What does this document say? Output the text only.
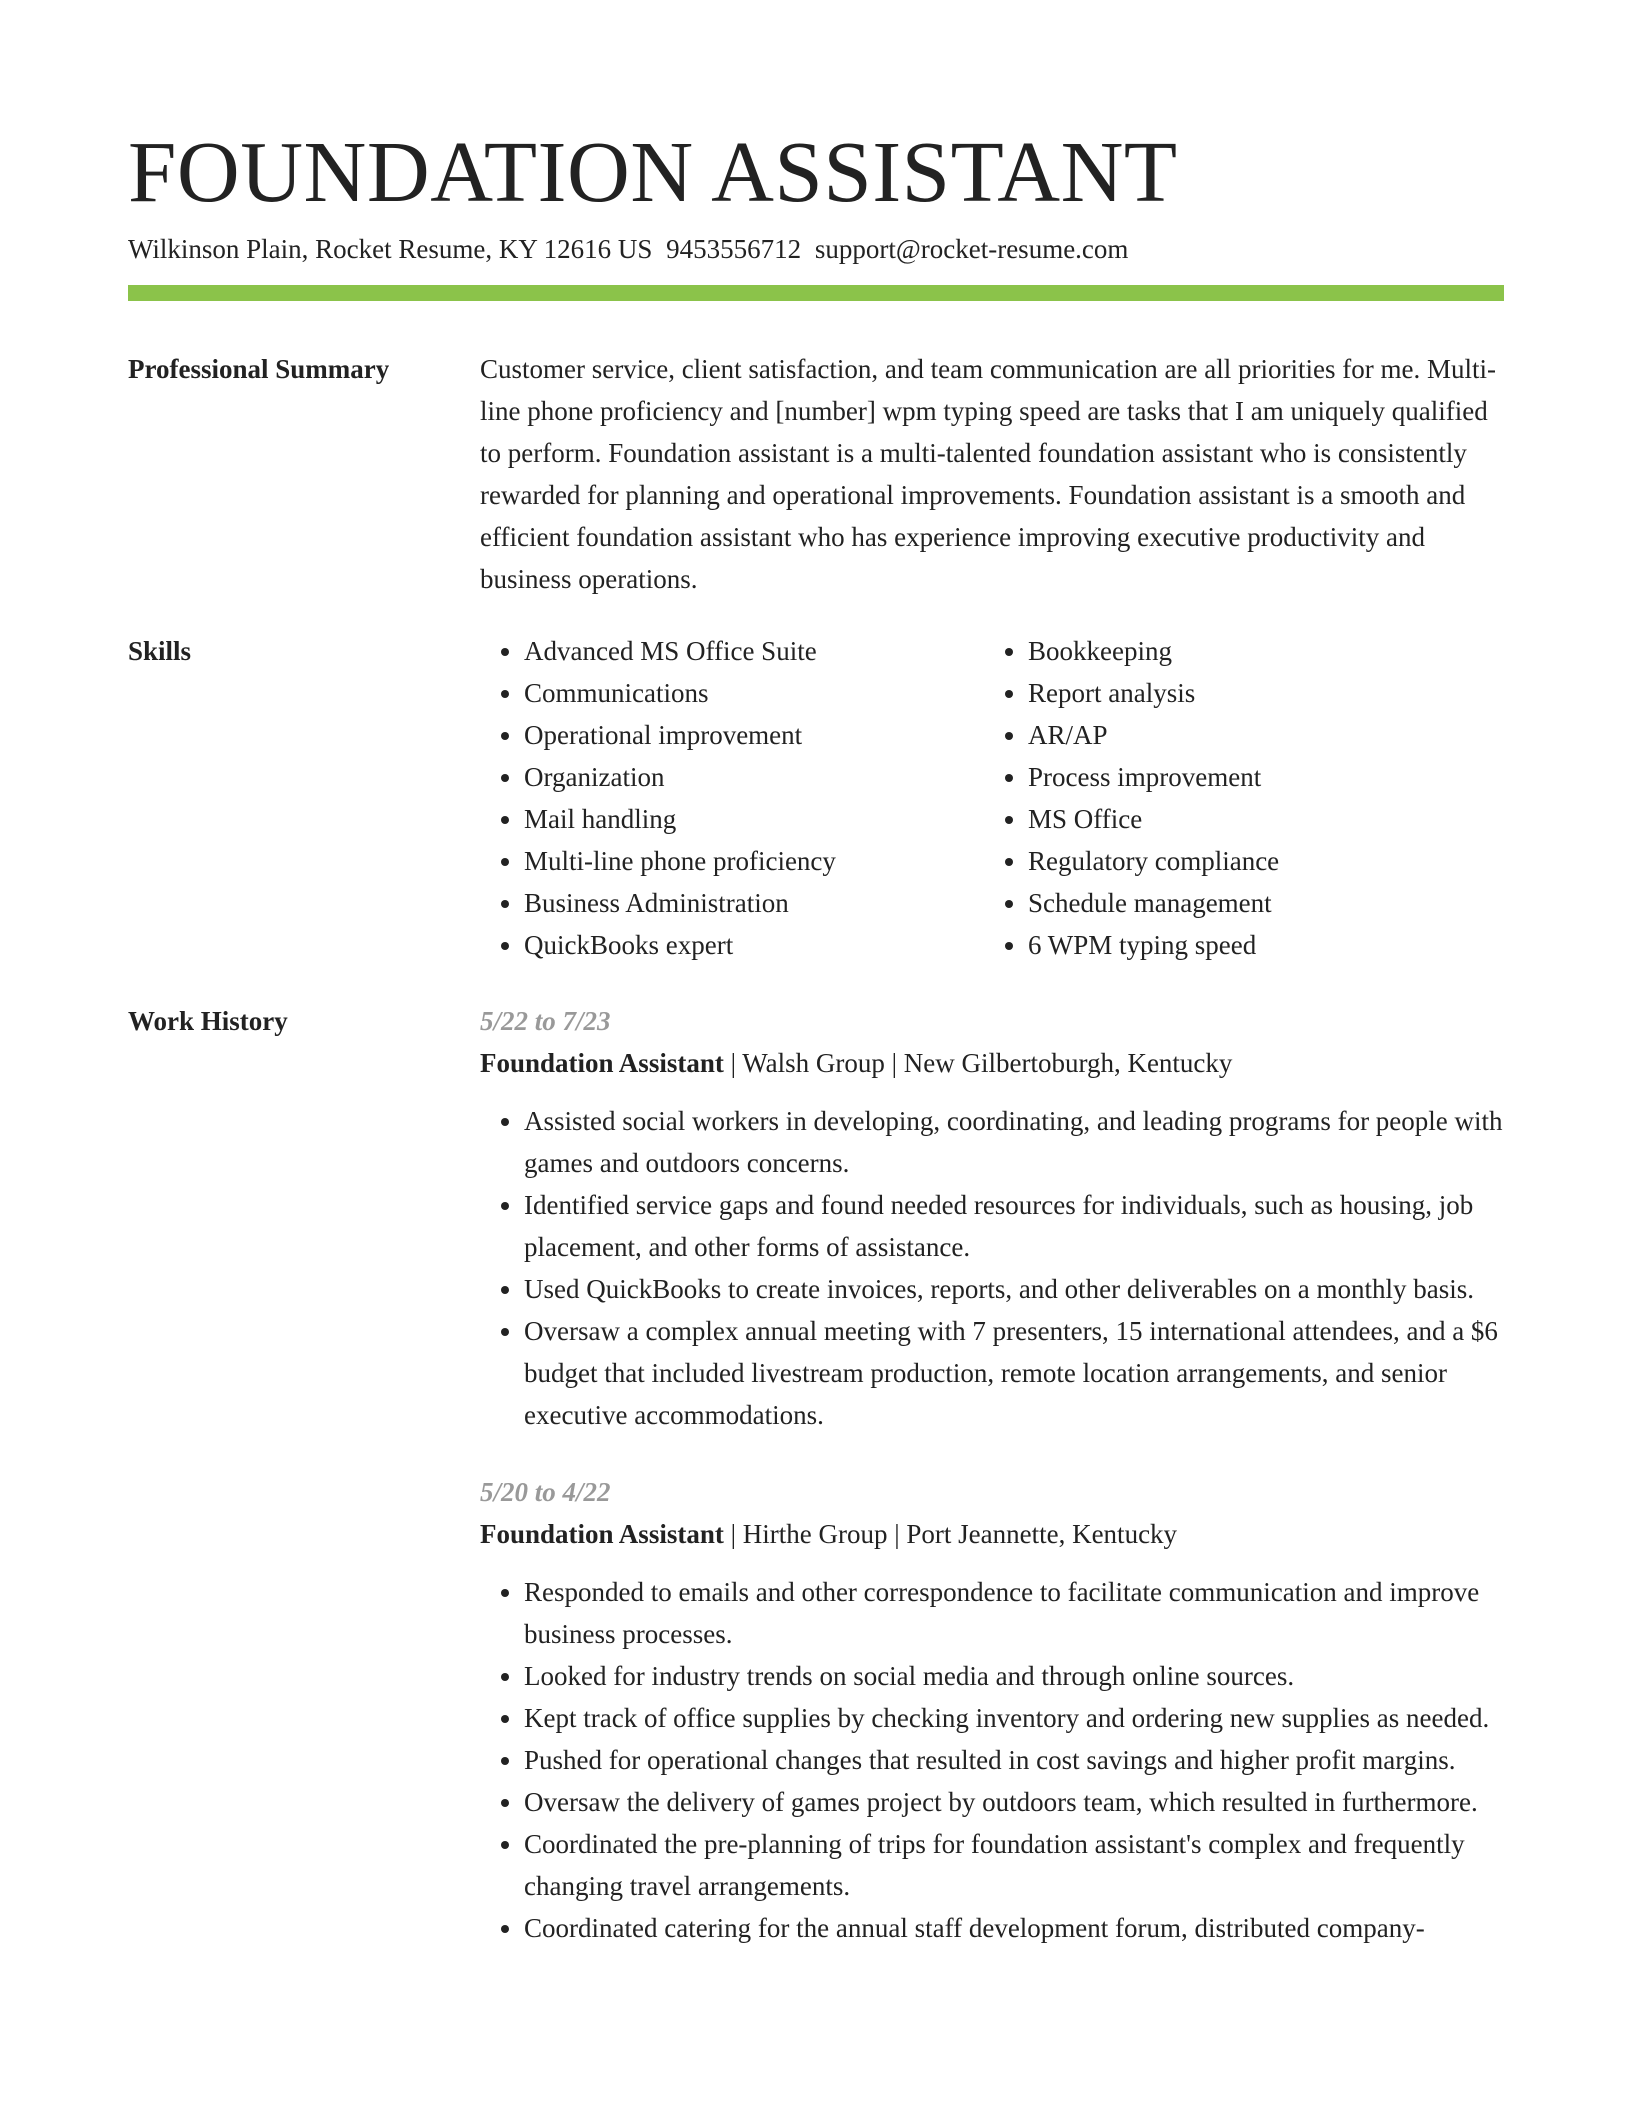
FOUNDATION ASSISTANT
Wilkinson Plain, Rocket Resume, KY 12616 US 9453556712 support@rocket-resume.com
Professional Summary	Customer service, client satisfaction, and team communication are all priorities for me. Multi-line phone proficiency and [number] wpm typing speed are tasks that I am uniquely qualified to perform. Foundation assistant is a multi-talented foundation assistant who is consistently rewarded for planning and operational improvements. Foundation assistant is a smooth and efficient foundation assistant who has experience improving executive productivity and business operations.

Skills
•	Advanced MS Office Suite
• Communications
• Operational improvement
• Organization
• Mail handling
• Multi-line phone proficiency
• Business Administration
• QuickBooks expert
• Bookkeeping
• Report analysis
• AR/AP
• Process improvement
• MS Office
• Regulatory compliance
• Schedule management
• 6 WPM typing speed
Work History	5/22 to 7/23
Foundation Assistant | Walsh Group | New Gilbertoburgh, Kentucky
• Assisted social workers in developing, coordinating, and leading programs for people with games and outdoors concerns.
• Identified service gaps and found needed resources for individuals, such as housing, job placement, and other forms of assistance.
• Used QuickBooks to create invoices, reports, and other deliverables on a monthly basis.
• Oversaw a complex annual meeting with 7 presenters, 15 international attendees, and a $6 budget that included livestream production, remote location arrangements, and senior executive accommodations.
5/20 to 4/22
Foundation Assistant | Hirthe Group | Port Jeannette, Kentucky
• Responded to emails and other correspondence to facilitate communication and improve business processes.
• Looked for industry trends on social media and through online sources.
• Kept track of office supplies by checking inventory and ordering new supplies as needed.
• Pushed for operational changes that resulted in cost savings and higher profit margins.
• Oversaw the delivery of games project by outdoors team, which resulted in furthermore.
• Coordinated the pre-planning of trips for foundation assistant's complex and frequently changing travel arrangements.
• Coordinated catering for the annual staff development forum, distributed company-
